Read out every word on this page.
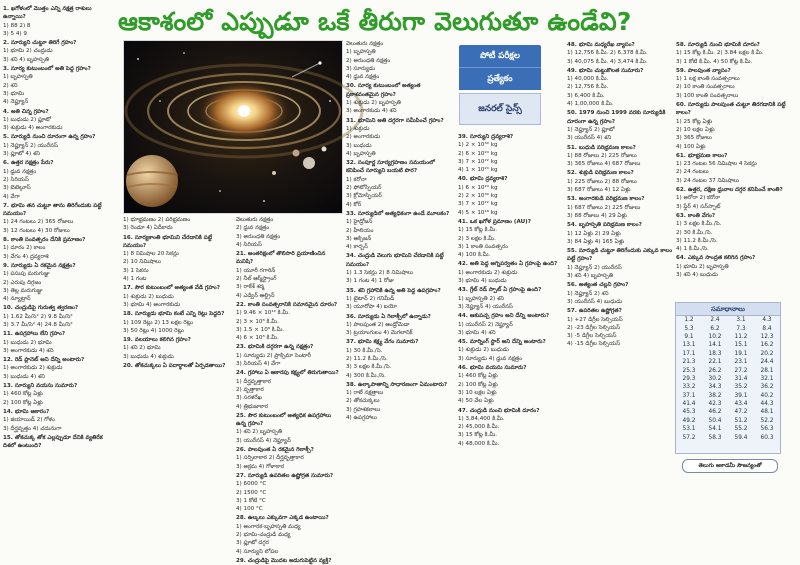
ఆకాశంలో ఎప్పుడూ ఒకే తీరుగా వెలుగుతూ ఉండేవి?
1. ఖగోళంలో మొత్తం ఎన్ని నక్షత్ర రాశులు ఉన్నాయి?
1) 88 2) 8
3) 5 4) 9
2. సూర్యుని చుట్టూ తిరిగే గ్రహం?
1) భూమి 2) చంద్రుడు
3) శని 4) బృహస్పతి
3. సూర్య కుటుంబంలో అతి పెద్ద గ్రహం?
1) బృహస్పతి
2) శని
3) భూమి
4) నెప్ట్యూన్
4. అతి చిన్న గ్రహం?
1) బుధుడు 2) ప్లూటో
3) శుక్రుడు 4) అంగారకుడు
5. సూర్యుడి నుంచి దూరంగా ఉన్న గ్రహం?
1) నెప్ట్యూన్ 2) యురేనస్
3) ప్లూటో 4) శని
6. ఉత్తర నక్షత్రం పేరు?
1) ధ్రువ నక్షత్రం
2) సిరియస్
3) బెటెల్గూస్
4) వేగా
7. భూమి తన చుట్టూ తాను తిరిగేందుకు పట్టే సమయం?
1) 24 గంటలు 2) 365 రోజులు
3) 12 గంటలు 4) 30 రోజులు
8. కాంతి సంవత్సరం దేనికి ప్రమాణం?
1) దూరం 2) కాలం
3) వేగం 4) ద్రవ్యరాశి
9. సూర్యుడు ఏ రకమైన నక్షత్రం?
1) పసుపు మరుగుజ్జు
2) ఎరుపు దిగ్గజం
3) తెల్ల మరుగుజ్జు
4) న్యూట్రాన్
10. చంద్రుడిపై గురుత్వ త్వరణం?
1) 1.62 మీ/సె² 2) 9.8 మీ/సె²
3) 3.7 మీ/సె² 4) 24.8 మీ/సె²
11. ఉపగ్రహాలు లేని గ్రహం?
1) బుధుడు 2) భూమి
3) అంగారకుడు 4) శని
12. రెడ్ ప్లానెట్ అని దేన్ని అంటారు?
1) అంగారకుడు 2) శుక్రుడు
3) బుధుడు 4) శని
13. సూర్యుని వయసు సుమారు?
1) 460 కోట్ల ఏళ్లు
2) 100 కోట్ల ఏళ్లు
14. భూమి ఆకారం?
1) జియాయిడ్ 2) గోళం
3) దీర్ఘవృత్తం 4) చదునుగా
15. తోకచుక్క తోక ఎల్లప్పుడూ దేనికి వ్యతిరేక దిశలో ఉంటుంది?
1) భూభ్రమణం 2) పరిభ్రమణం
3) రెండూ 4) ఏదీకాదు
16. సూర్యకాంతి భూమిని చేరడానికి పట్టే సమయం?
1) 8 నిమిషాల 20 సెకన్లు
2) 10 నిమిషాలు
3) 1 సెకను
4) 1 గంట
17. సౌర కుటుంబంలో అత్యంత వేడి గ్రహం?
1) శుక్రుడు 2) బుధుడు
3) భూమి 4) అంగారకుడు
18. సూర్యుడు భూమి కంటే ఎన్ని రెట్లు పెద్దది?
1) 109 రెట్లు 2) 13 లక్షల రెట్లు
3) 50 రెట్లు 4) 1000 రెట్లు
19. వలయాలు కలిగిన గ్రహం?
1) శని 2) భూమి
3) బుధుడు 4) శుక్రుడు
20. తోకచుక్కలు ఏ పదార్థాలతో ఏర్పడతాయి?
వెలుతురు నక్షత్రం
2) ధ్రువ నక్షత్రం
3) అరుంధతి నక్షత్రం
4) సిరియస్
21. అంతరిక్షంలో తొలిసారి ప్రయాణించిన మనిషి?
1) యూరీ గగారిన్
2) నీల్ ఆర్మ్‌స్ట్రాంగ్
3) రాకేశ్ శర్మ
4) ఎడ్విన్ ఆల్డ్రిన్
22. కాంతి సంవత్సరానికి సమానమైన దూరం?
1) 9.46 × 10¹² కి.మీ.
2) 3 × 10⁸ కి.మీ.
3) 1.5 × 10⁸ కి.మీ.
4) 6 × 10⁸ కి.మీ.
23. భూమికి దగ్గరగా ఉన్న నక్షత్రం?
1) సూర్యుడు 2) ప్రాక్సిమా సెంటారీ
3) సిరియస్ 4) వేగా
24. గ్రహాలు ఏ ఆకారపు కక్ష్యలో తిరుగుతాయి?
1) దీర్ఘవృత్తాకార
2) వృత్తాకార
3) సరళరేఖ
4) త్రిభుజాకార
25. సౌర కుటుంబంలో అత్యధిక ఉపగ్రహాలు ఉన్న గ్రహం?
1) శని 2) బృహస్పతి
3) యురేనస్ 4) నెప్ట్యూన్
26. పాలపుంత ఏ రకమైన గెలాక్సీ?
1) సర్పిలాకార 2) దీర్ఘవృత్తాకార
3) అక్రమ 4) గోళాకార
27. సూర్యుడి ఉపరితల ఉష్ణోగ్రత సుమారు?
1) 6000 °C
2) 1500 °C
3) 1 కోటి °C
4) 100 °C
28. ఉల్కలు ఎక్కువగా ఎక్కడ ఉంటాయి?
1) అంగారక-బృహస్పతి మధ్య
2) భూమి-చంద్రుడి మధ్య
3) ప్లూటో దగ్గర
4) సూర్యుని లోపల
29. చంద్రుడిపై మొదట అడుగుపెట్టిన వ్యక్తి?
వెలుతురు నక్షత్రం
1) బృహస్పతి
2) అరుంధతి నక్షత్రం
3) సూర్యుడు
4) ధ్రువ నక్షత్రం
30. సూర్య కుటుంబంలో అత్యంత ప్రకాశవంతమైన గ్రహం?
1) శుక్రుడు 2) బృహస్పతి
3) అంగారకుడు 4) శని
31. భూమిని అతి దగ్గరగా సమీపించే గ్రహం?
1) శుక్రుడు
2) అంగారకుడు
3) బుధుడు
4) బృహస్పతి
32. సంపూర్ణ సూర్యగ్రహణం సమయంలో కనిపించే సూర్యుని బయటి పొర?
1) కరోనా
2) ఫోటోస్ఫియర్
3) క్రోమోస్ఫియర్
4) కోర్
33. సూర్యుడిలో అత్యధికంగా ఉండే మూలకం?
1) హైడ్రోజన్
2) హీలియం
3) ఆక్సిజన్
4) కార్బన్
34. చంద్రుడి వెలుగు భూమిని చేరడానికి పట్టే సమయం?
1) 1.3 సెకన్లు 2) 8 నిమిషాలు
3) 1 గంట 4) 1 రోజు
35. శని గ్రహానికి ఉన్న అతి పెద్ద ఉపగ్రహం?
1) టైటాన్ 2) గనిమీడ్
3) యూరోపా 4) ఐయో
36. సూర్యుడు ఏ గెలాక్సీలో ఉన్నాడు?
1) పాలపుంత 2) ఆండ్రోమెడా
3) ట్రయాంగులం 4) మెగలానిక్
37. భూమి కక్ష్య వేగం సుమారు?
1) 30 కి.మీ./సె.
2) 11.2 కి.మీ./సె.
3) 3 లక్షల కి.మీ./సె.
4) 300 కి.మీ./సె.
38. ఉల్కాపాతాన్ని సాధారణంగా ఏమంటారు?
1) రాలే నక్షత్రాలు
2) తోకచుక్కలు
3) గ్రహశకలాలు
4) ఉపగ్రహాలు
పోటీ పరీక్షల
ప్రత్యేకం
జనరల్ సైన్స్
39. సూర్యుని ద్రవ్యరాశి?
1) 2 × 10³⁰ kg
2) 6 × 10²⁴ kg
3) 7 × 10²² kg
4) 1 × 10²⁰ kg
40. భూమి ద్రవ్యరాశి?
1) 6 × 10²⁴ kg
2) 2 × 10³⁰ kg
3) 7 × 10²² kg
4) 5 × 10¹⁸ kg
41. ఒక ఖగోళ ప్రమాణం (AU)?
1) 15 కోట్ల కి.మీ.
2) 3 లక్షల కి.మీ.
3) 1 కాంతి సంవత్సరం
4) 100 కి.మీ.
42. అతి పెద్ద అగ్నిపర్వతం ఏ గ్రహంపై ఉంది?
1) అంగారకుడు 2) శుక్రుడు
3) భూమి 4) బుధుడు
43. గ్రేట్ రెడ్ స్పాట్ ఏ గ్రహంపై ఉంది?
1) బృహస్పతి 2) శని
3) నెప్ట్యూన్ 4) యురేనస్
44. ఆకుపచ్చ గ్రహం అని దేన్ని అంటారు?
1) యురేనస్ 2) నెప్ట్యూన్
3) భూమి 4) శని
45. మార్నింగ్ స్టార్ అని దేన్ని అంటారు?
1) శుక్రుడు 2) బుధుడు
3) సూర్యుడు 4) ధ్రువ నక్షత్రం
46. భూమి వయసు సుమారు?
1) 460 కోట్ల ఏళ్లు
2) 100 కోట్ల ఏళ్లు
3) 10 లక్షల ఏళ్లు
4) 50 వేల ఏళ్లు
47. చంద్రుడి నుంచి భూమికి దూరం?
1) 3,84,400 కి.మీ.
2) 45,000 కి.మీ.
3) 15 కోట్ల కి.మీ.
4) 48,000 కి.మీ.
48. భూమి మధ్యరేఖ వ్యాసం?
1) 12,756 కి.మీ. 2) 6,378 కి.మీ.
3) 40,075 కి.మీ. 4) 3,474 కి.మీ.
49. భూమి చుట్టుకొలత సుమారు?
1) 40,000 కి.మీ.
2) 12,756 కి.మీ.
3) 6,400 కి.మీ.
4) 1,00,000 కి.మీ.
50. 1979 నుంచి 1999 వరకు సూర్యుడికి దూరంగా ఉన్న గ్రహం?
1) నెప్ట్యూన్ 2) ప్లూటో
3) యురేనస్ 4) శని
51. బుధుడి పరిభ్రమణ కాలం?
1) 88 రోజులు 2) 225 రోజులు
3) 365 రోజులు 4) 687 రోజులు
52. శుక్రుడి పరిభ్రమణ కాలం?
1) 225 రోజులు 2) 88 రోజులు
3) 687 రోజులు 4) 12 ఏళ్లు
53. అంగారకుడి పరిభ్రమణ కాలం?
1) 687 రోజులు 2) 225 రోజులు
3) 88 రోజులు 4) 29 ఏళ్లు
54. బృహస్పతి పరిభ్రమణ కాలం?
1) 12 ఏళ్లు 2) 29 ఏళ్లు
3) 84 ఏళ్లు 4) 165 ఏళ్లు
55. సూర్యుడి చుట్టూ తిరిగేందుకు ఎక్కువ కాలం పట్టే గ్రహం?
1) నెప్ట్యూన్ 2) యురేనస్
3) శని 4) బృహస్పతి
56. అత్యంత చల్లని గ్రహం?
1) నెప్ట్యూన్ 2) శని
3) యురేనస్ 4) బుధుడు
57. ఉపరితల ఉష్ణోగ్రత?
1) +27 డిగ్రీల సెల్సియస్
2) -23 డిగ్రీల సెల్సియస్
3) -5 డిగ్రీల సెల్సియస్
4) -15 డిగ్రీల సెల్సియస్
58. సూర్యుడి నుంచి భూమికి దూరం?
1) 15 కోట్ల కి.మీ. 2) 3.84 లక్షల కి.మీ.
3) 1 కోటి కి.మీ. 4) 50 కోట్ల కి.మీ.
59. పాలపుంత వ్యాసం?
1) 1 లక్ష కాంతి సంవత్సరాలు
2) 10 కాంతి సంవత్సరాలు
3) 100 కాంతి సంవత్సరాలు
60. సూర్యుడు పాలపుంత చుట్టూ తిరగడానికి పట్టే కాలం?
1) 25 కోట్ల ఏళ్లు
2) 10 లక్షల ఏళ్లు
3) 365 రోజులు
4) 100 ఏళ్లు
61. భూభ్రమణ కాలం?
1) 23 గంటల 56 నిమిషాల 4 సెకన్లు
2) 24 గంటలు
3) 24 గంటల 37 నిమిషాలు
62. ఉత్తర, దక్షిణ ధ్రువాల దగ్గర కనిపించే కాంతి?
1) అరోరా 2) కరోనా
3) ఫ్లేర్ 4) సన్‌స్పాట్
63. కాంతి వేగం?
1) 3 లక్షల కి.మీ./సె.
2) 30 కి.మీ./సె.
3) 11.2 కి.మీ./సె.
4) 1 కి.మీ./సె.
64. ఎక్కువ సాంద్రత కలిగిన గ్రహం?
1) భూమి 2) బృహస్పతి
3) శని 4) బుధుడు
సమాధానాలు
1.2	2.4	3.1	4.3
5.3	6.2	7.3	8.4
9.1	10.2	11.2	12.3
13.1	14.1	15.1	16.2
17.1	18.3	19.1	20.2
21.3	22.1	23.1	24.4
25.3	26.2	27.2	28.1
29.3	30.2	31.4	32.1
33.2	34.3	35.2	36.2
37.1	38.2	39.1	40.2
41.4	42.3	43.4	44.3
45.3	46.2	47.2	48.1
49.2	50.4	51.2	52.2
53.1	54.1	55.2	56.3
57.2	58.3	59.4	60.3
తెలుగు అకాడమీ సౌజన్యంతో
